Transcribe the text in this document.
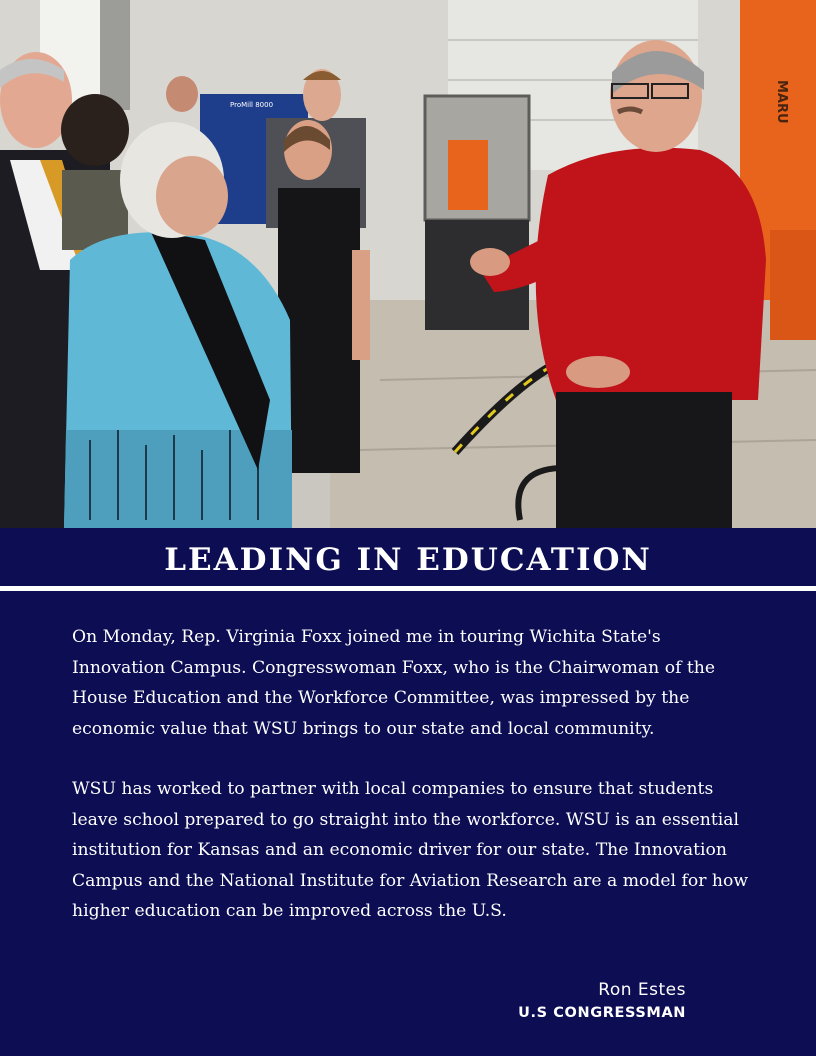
ProMill 8000	MARU
LEADING IN EDUCATION

On Monday, Rep. Virginia Foxx joined me in touring Wichita State's Innovation Campus. Congresswoman Foxx, who is the Chairwoman of the House Education and the Workforce Committee, was impressed by the economic value that WSU brings to our state and local community.

WSU has worked to partner with local companies to ensure that students leave school prepared to go straight into the workforce. WSU is an essential institution for Kansas and an economic driver for our state. The Innovation Campus and the National Institute for Aviation Research are a model for how higher education can be improved across the U.S.

Ron Estes
U.S CONGRESSMAN
